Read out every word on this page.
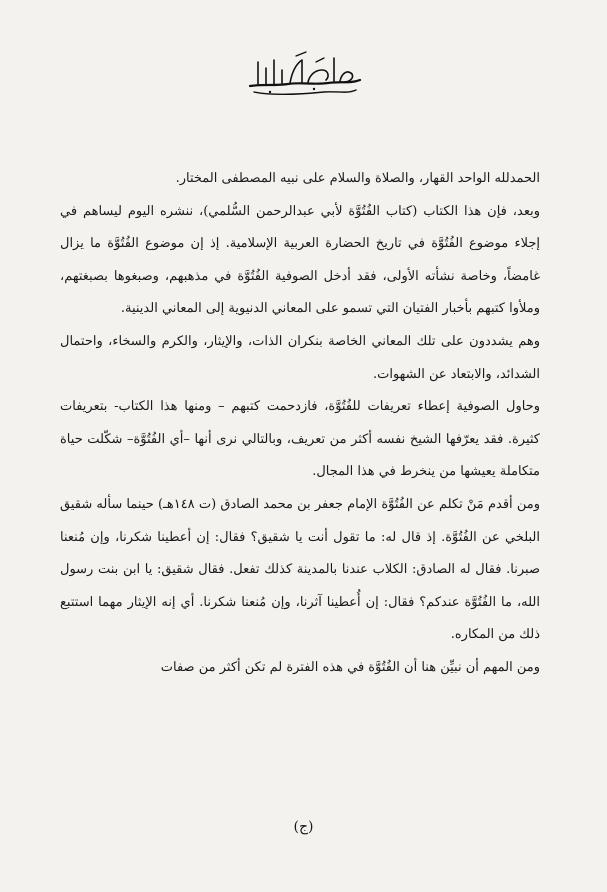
الحمدلله الواحد القهار، والصلاة والسلام على نبيه المصطفى المختار.

وبعد، فإن هذا الكتاب (كتاب الفُتُوَّة لأبي عبدالرحمن السُّلمي)، ننشره اليوم ليساهم في إجلاء موضوع الفُتُوَّة في تاريخ الحضارة العربية الإسلامية. إذ إن موضوع الفُتُوَّة ما يزال غامضاً، وخاصة نشأته الأولى، فقد أدخل الصوفية الفُتُوَّة في مذهبهم، وصبغوها بصبغتهم، وملأوا كتبهم بأخبار الفتيان التي تسمو على المعاني الدنيوية إلى المعاني الدينية.

وهم يشددون على تلك المعاني الخاصة بنكران الذات، والإيثار، والكرم والسخاء، واحتمال الشدائد، والابتعاد عن الشهوات.

وحاول الصوفية إعطاء تعريفات للفُتُوَّة، فازدحمت كتبهم – ومنها هذا الكتاب- بتعريفات كثيرة. فقد يعرّفها الشيخ نفسه أكثر من تعريف، وبالتالي نرى أنها –أي الفُتُوَّة– شكّلت حياة متكاملة يعيشها من ينخرط في هذا المجال.

ومن أقدم مَنْ تكلم عن الفُتُوَّة الإمام جعفر بن محمد الصادق (ت ١٤٨هـ) حينما سأله شقيق البلخي عن الفُتُوَّة. إذ قال له: ما تقول أنت يا شقيق؟ فقال: إن أعطينا شكرنا، وإن مُنعنا صبرنا. فقال له الصادق: الكلاب عندنا بالمدينة كذلك تفعل. فقال شقيق: يا ابن بنت رسول الله، ما الفُتُوَّة عندكم؟ فقال: إن أُعطينا آثرنا، وإن مُنعنا شكرنا. أي إنه الإيثار مهما استتبع ذلك من المكاره.

ومن المهم أن نبيِّن هنا أن الفُتُوَّة في هذه الفترة لم تكن أكثر من صفات

(ج)
